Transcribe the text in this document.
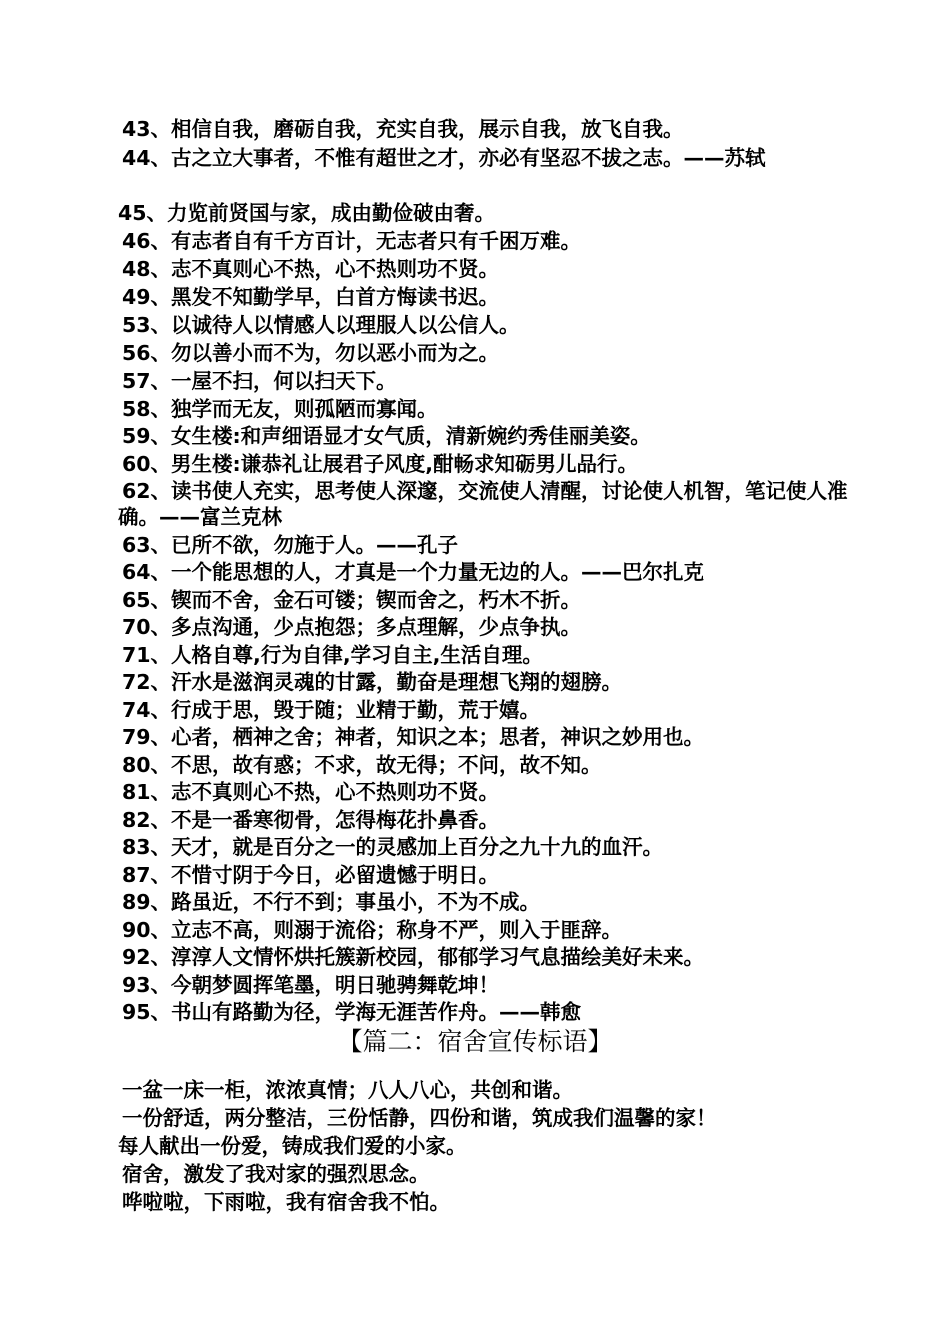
43、相信自我，磨砺自我，充实自我，展示自我，放飞自我。
44、古之立大事者，不惟有超世之才，亦必有坚忍不拔之志。——苏轼
45、力览前贤国与家，成由勤俭破由奢。
46、有志者自有千方百计，无志者只有千困万难。
48、志不真则心不热，心不热则功不贤。
49、黑发不知勤学早，白首方悔读书迟。
53、以诚待人以情感人以理服人以公信人。
56、勿以善小而不为，勿以恶小而为之。
57、一屋不扫，何以扫天下。
58、独学而无友，则孤陋而寡闻。
59、女生楼:和声细语显才女气质，清新婉约秀佳丽美姿。
60、男生楼:谦恭礼让展君子风度,酣畅求知砺男儿品行。
62、读书使人充实，思考使人深邃，交流使人清醒，讨论使人机智，笔记使人准确。——富兰克林
63、已所不欲，勿施于人。——孔子
64、一个能思想的人，才真是一个力量无边的人。——巴尔扎克
65、锲而不舍，金石可镂；锲而舍之，朽木不折。
70、多点沟通，少点抱怨；多点理解，少点争执。
71、人格自尊,行为自律,学习自主,生活自理。
72、汗水是滋润灵魂的甘露，勤奋是理想飞翔的翅膀。
74、行成于思，毁于随；业精于勤，荒于嬉。
79、心者，栖神之舍；神者，知识之本；思者，神识之妙用也。
80、不思，故有惑；不求，故无得；不问，故不知。
81、志不真则心不热，心不热则功不贤。
82、不是一番寒彻骨，怎得梅花扑鼻香。
83、天才，就是百分之一的灵感加上百分之九十九的血汗。
87、不惜寸阴于今日，必留遗憾于明日。
89、路虽近，不行不到；事虽小，不为不成。
90、立志不高，则溺于流俗；称身不严，则入于匪辞。
92、淳淳人文情怀烘托簇新校园，郁郁学习气息描绘美好未来。
93、今朝梦圆挥笔墨，明日驰骋舞乾坤！
95、书山有路勤为径，学海无涯苦作舟。——韩愈
【篇二：宿舍宣传标语】
一盆一床一柜，浓浓真情；八人八心，共创和谐。
一份舒适，两分整洁，三份恬静，四份和谐，筑成我们温馨的家！
每人献出一份爱，铸成我们爱的小家。
宿舍，激发了我对家的强烈思念。
哗啦啦，下雨啦，我有宿舍我不怕。
